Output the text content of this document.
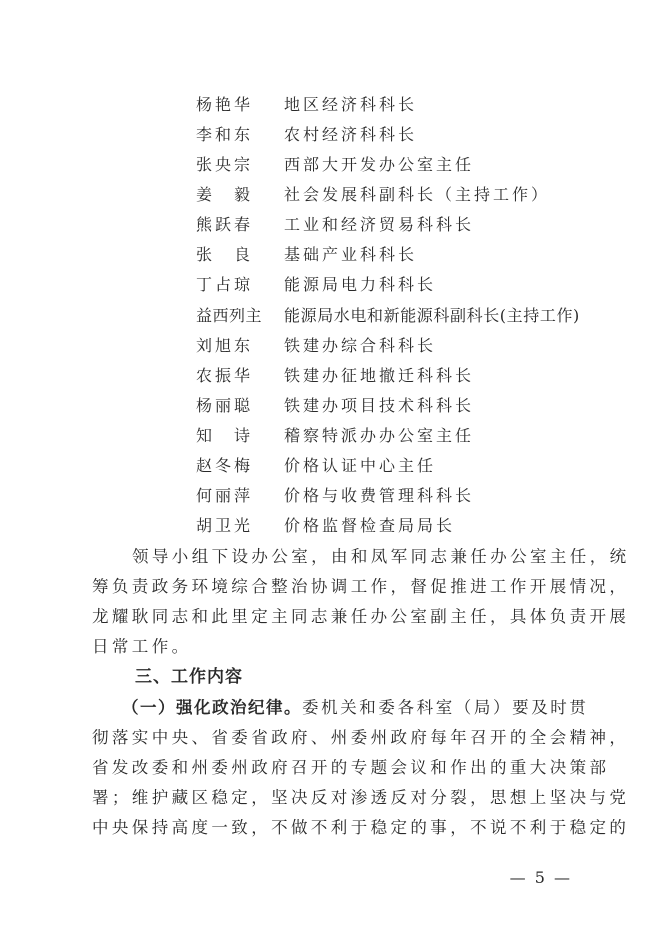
杨艳华 地区经济科科长
李和东 农村经济科科长
张央宗 西部大开发办公室主任
姜　毅 社会发展科副科长（主持工作）
熊跃春 工业和经济贸易科科长
张　良 基础产业科科长
丁占琼 能源局电力科科长
益西列主 能源局水电和新能源科副科长(主持工作)
刘旭东 铁建办综合科科长
农振华 铁建办征地撤迁科科长
杨丽聪 铁建办项目技术科科长
知　诗 稽察特派办办公室主任
赵冬梅 价格认证中心主任
何丽萍 价格与收费管理科科长
胡卫光 价格监督检查局局长
领导小组下设办公室，由和凤军同志兼任办公室主任，统
筹负责政务环境综合整治协调工作，督促推进工作开展情况，
龙耀耿同志和此里定主同志兼任办公室副主任，具体负责开展
日常工作。
三、工作内容
（一）强化政治纪律。委机关和委各科室（局）要及时贯
彻落实中央、省委省政府、州委州政府每年召开的全会精神，
省发改委和州委州政府召开的专题会议和作出的重大决策部
署；维护藏区稳定，坚决反对渗透反对分裂，思想上坚决与党
中央保持高度一致，不做不利于稳定的事，不说不利于稳定的
— 5 —
